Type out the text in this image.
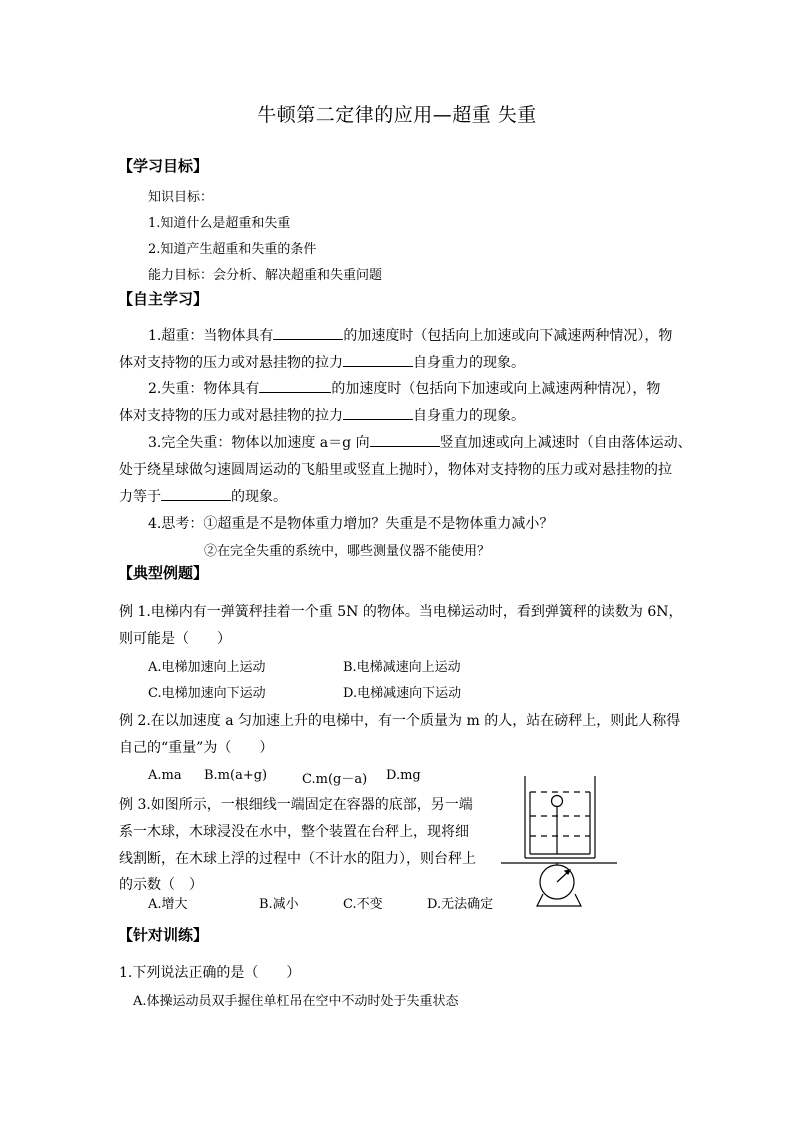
牛顿第二定律的应用—超重 失重
【学习目标】
知识目标：
1.知道什么是超重和失重
2.知道产生超重和失重的条件
能力目标：会分析、解决超重和失重问题
【自主学习】
1.超重：当物体具有	的加速度时（包括向上加速或向下减速两种情况），物
体对支持物的压力或对悬挂物的拉力	自身重力的现象。
2.失重：物体具有	的加速度时（包括向下加速或向上减速两种情况），物
体对支持物的压力或对悬挂物的拉力	自身重力的现象。
3.完全失重：物体以加速度 a＝g 向	竖直加速或向上减速时（自由落体运动、
处于绕星球做匀速圆周运动的飞船里或竖直上抛时），物体对支持物的压力或对悬挂物的拉
力等于	的现象。
4.思考：①超重是不是物体重力增加？失重是不是物体重力减小？
②在完全失重的系统中，哪些测量仪器不能使用？
【典型例题】
例 1.电梯内有一弹簧秤挂着一个重 5N 的物体。当电梯运动时，看到弹簧秤的读数为 6N，
则可能是（　　）
A.电梯加速向上运动	B.电梯减速向上运动
C.电梯加速向下运动	D.电梯减速向下运动
例 2.在以加速度 a 匀加速上升的电梯中，有一个质量为 m 的人，站在磅秤上，则此人称得
自己的“重量”为（　　）
A.ma B.m(a+g)	C.m(g－a) D.mg
例 3.如图所示，一根细线一端固定在容器的底部，另一端
系一木球，木球浸没在水中，整个装置在台秤上，现将细
线割断，在木球上浮的过程中（不计水的阻力），则台秤上
的示数（　）
A.增大	B.减小	C.不变	D.无法确定
【针对训练】
1.下列说法正确的是（　　）
A.体操运动员双手握住单杠吊在空中不动时处于失重状态
